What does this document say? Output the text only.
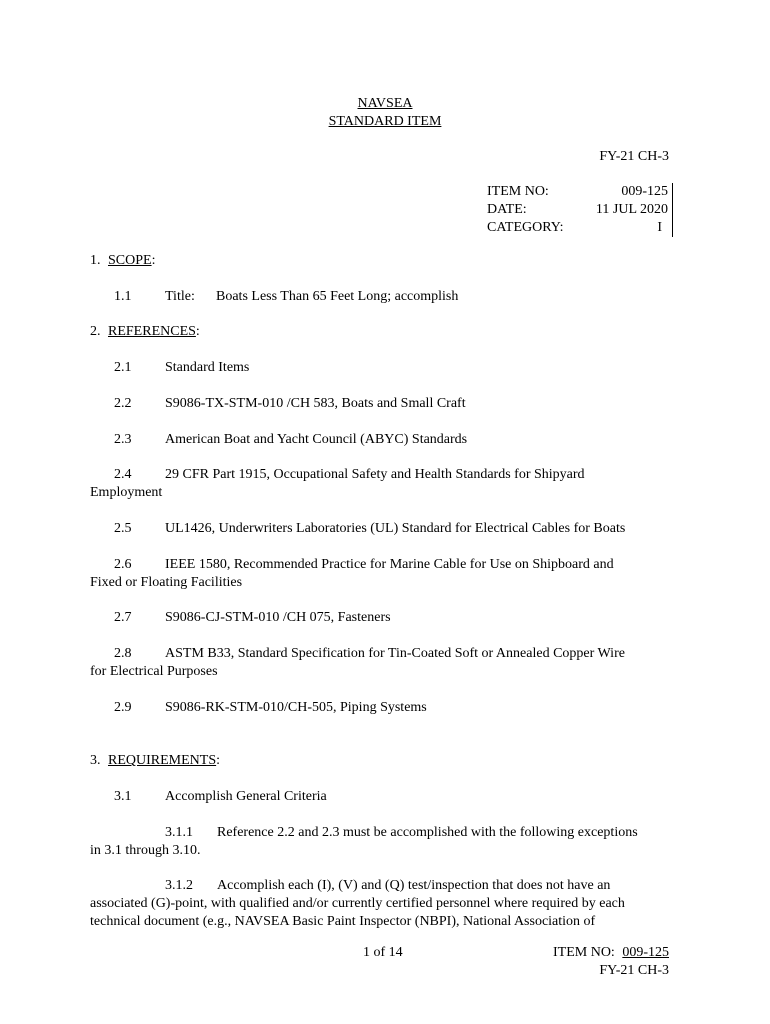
NAVSEA
STANDARD ITEM
FY-21 CH-3
ITEM NO:	009-125
DATE:	11 JUL 2020
CATEGORY:	I
1. SCOPE:
1.1 Title: Boats Less Than 65 Feet Long; accomplish
2. REFERENCES:
2.1 Standard Items
2.2 S9086-TX-STM-010 /CH 583, Boats and Small Craft
2.3 American Boat and Yacht Council (ABYC) Standards
2.4 29 CFR Part 1915, Occupational Safety and Health Standards for Shipyard
Employment
2.5 UL1426, Underwriters Laboratories (UL) Standard for Electrical Cables for Boats
2.6 IEEE 1580, Recommended Practice for Marine Cable for Use on Shipboard and
Fixed or Floating Facilities
2.7 S9086-CJ-STM-010 /CH 075, Fasteners
2.8 ASTM B33, Standard Specification for Tin-Coated Soft or Annealed Copper Wire
for Electrical Purposes
2.9 S9086-RK-STM-010/CH-505, Piping Systems
3. REQUIREMENTS:
3.1 Accomplish General Criteria
3.1.1 Reference 2.2 and 2.3 must be accomplished with the following exceptions
in 3.1 through 3.10.
3.1.2 Accomplish each (I), (V) and (Q) test/inspection that does not have an
associated (G)-point, with qualified and/or currently certified personnel where required by each
technical document (e.g., NAVSEA Basic Paint Inspector (NBPI), National Association of
1 of 14	ITEM NO: 009-125
FY-21 CH-3
